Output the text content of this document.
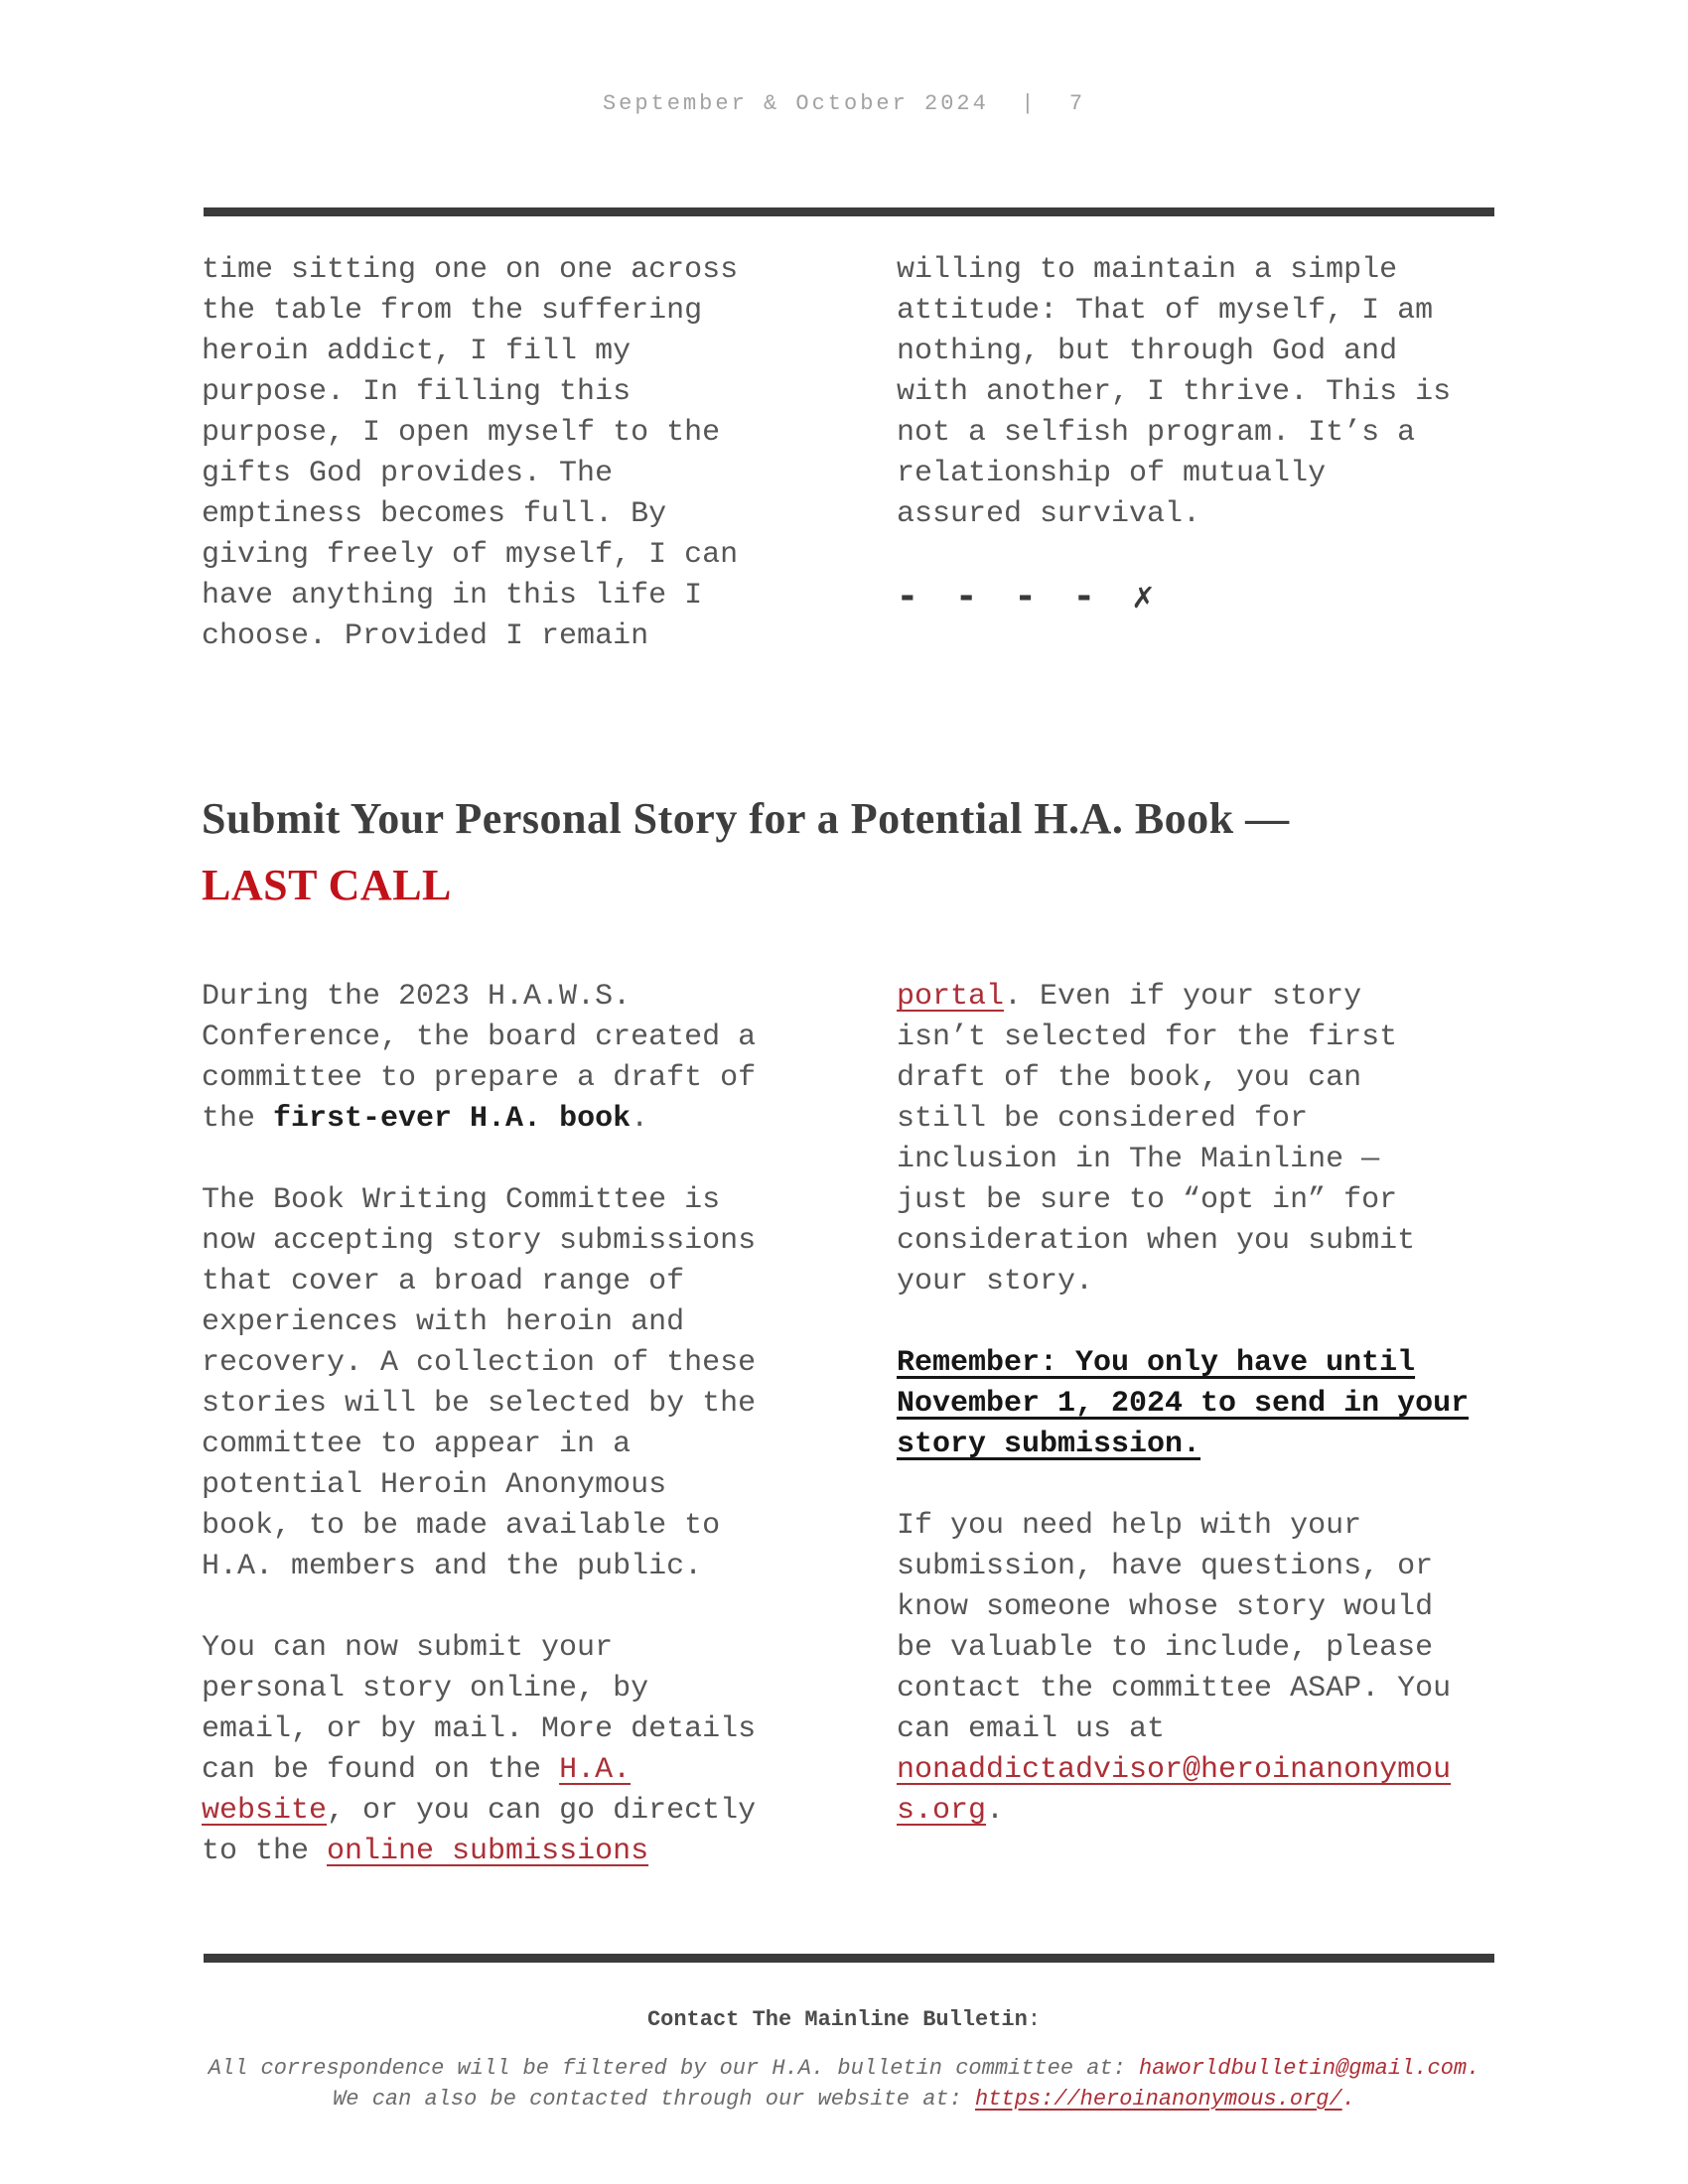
September & October 2024  |  7
time sitting one on one across
the table from the suffering
heroin addict, I fill my
purpose. In filling this
purpose, I open myself to the
gifts God provides. The
emptiness becomes full. By
giving freely of myself, I can
have anything in this life I
choose. Provided I remain
willing to maintain a simple
attitude: That of myself, I am
nothing, but through God and
with another, I thrive. This is
not a selfish program. It’s a
relationship of mutually
assured survival.

- - - - ✗
Submit Your Personal Story for a Potential H.A. Book —
LAST CALL
During the 2023 H.A.W.S.
Conference, the board created a
committee to prepare a draft of
the first-ever H.A. book.

The Book Writing Committee is
now accepting story submissions
that cover a broad range of
experiences with heroin and
recovery. A collection of these
stories will be selected by the
committee to appear in a
potential Heroin Anonymous
book, to be made available to
H.A. members and the public.

You can now submit your
personal story online, by
email, or by mail. More details
can be found on the H.A.
website, or you can go directly
to the online submissions
portal. Even if your story
isn’t selected for the first
draft of the book, you can
still be considered for
inclusion in The Mainline —
just be sure to “opt in” for
consideration when you submit
your story.

Remember: You only have until
November 1, 2024 to send in your
story submission.

If you need help with your
submission, have questions, or
know someone whose story would
be valuable to include, please
contact the committee ASAP. You
can email us at
nonaddictadvisor@heroinanonymou
s.org.
Contact The Mainline Bulletin:
All correspondence will be filtered by our H.A. bulletin committee at: haworldbulletin@gmail.com.
We can also be contacted through our website at: https://heroinanonymous.org/.
